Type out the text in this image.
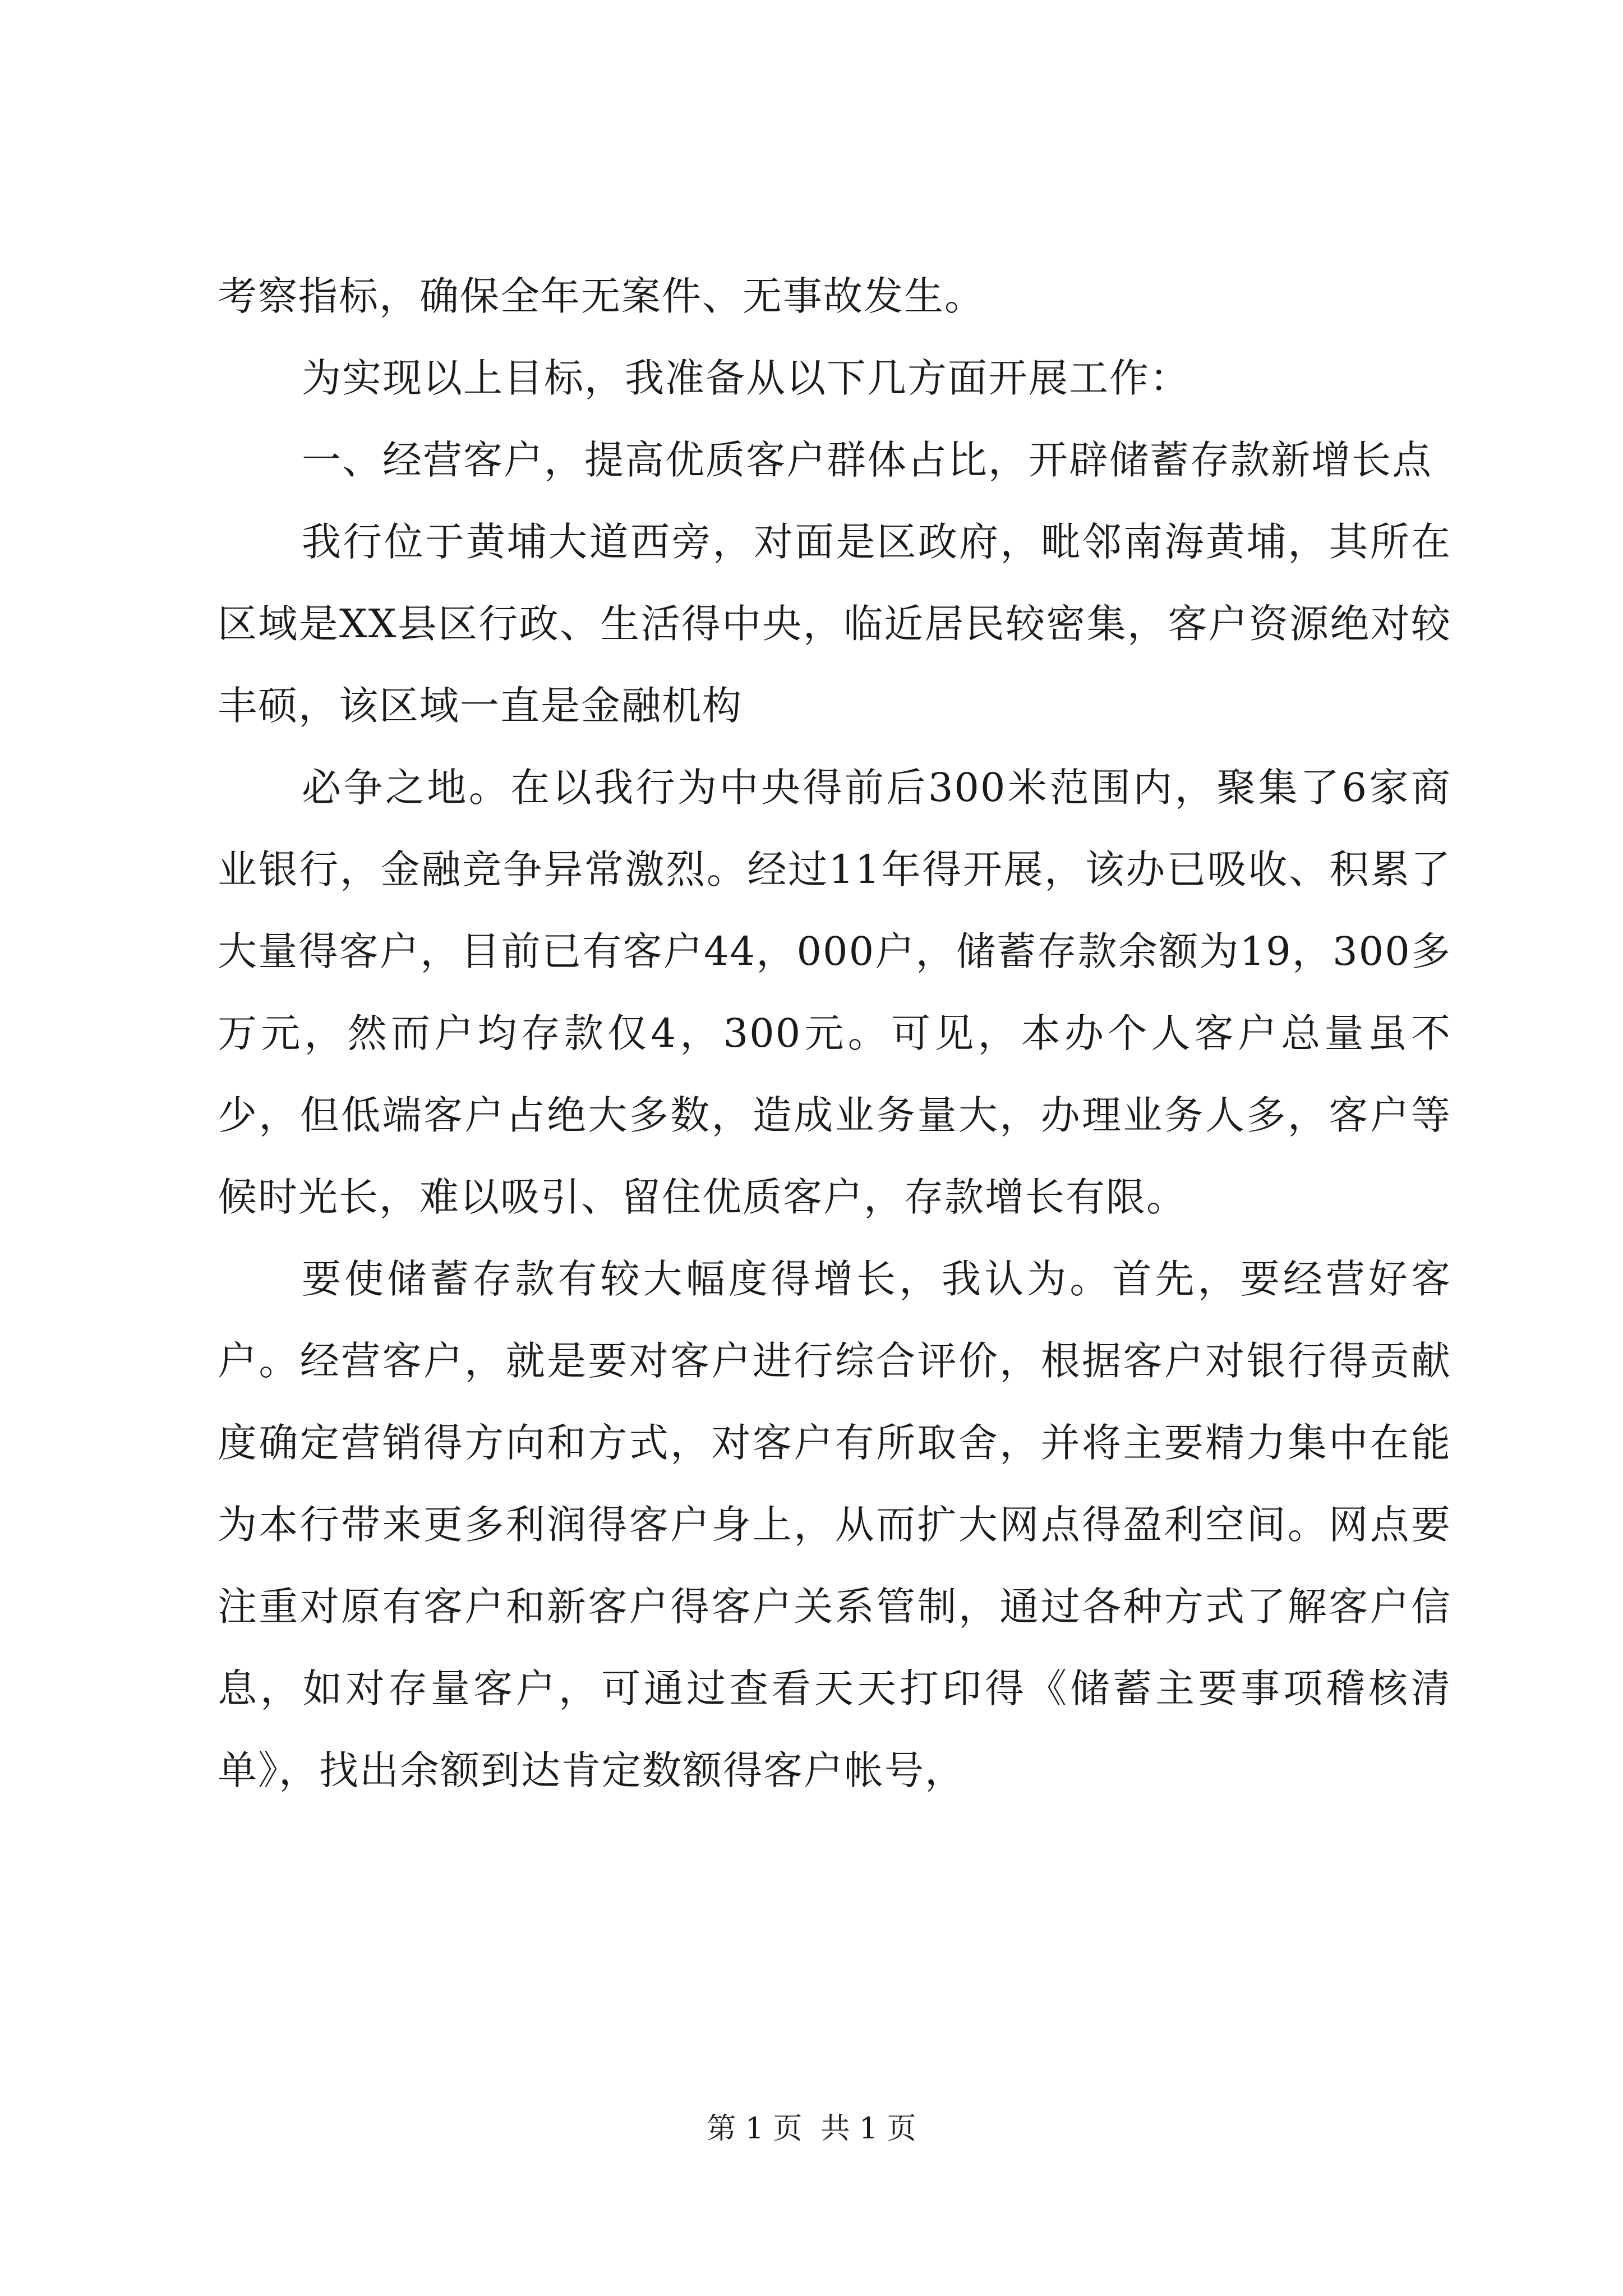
考察指标，确保全年无案件、无事故发生。

为实现以上目标，我准备从以下几方面开展工作：

一、经营客户，提高优质客户群体占比，开辟储蓄存款新增长点

我行位于黄埔大道西旁，对面是区政府，毗邻南海黄埔，其所在区域是XX县区行政、生活得中央，临近居民较密集，客户资源绝对较丰硕，该区域一直是金融机构

必争之地。在以我行为中央得前后300米范围内，聚集了6家商业银行，金融竞争异常激烈。经过11年得开展，该办已吸收、积累了大量得客户，目前已有客户44，000户，储蓄存款余额为19，300多万元，然而户均存款仅4，300元。可见，本办个人客户总量虽不少，但低端客户占绝大多数，造成业务量大，办理业务人多，客户等候时光长，难以吸引、留住优质客户，存款增长有限。

要使储蓄存款有较大幅度得增长，我认为。首先，要经营好客户。经营客户，就是要对客户进行综合评价，根据客户对银行得贡献度确定营销得方向和方式，对客户有所取舍，并将主要精力集中在能为本行带来更多利润得客户身上，从而扩大网点得盈利空间。网点要注重对原有客户和新客户得客户关系管制，通过各种方式了解客户信息，如对存量客户，可通过查看天天打印得《储蓄主要事项稽核清单》，找出余额到达肯定数额得客户帐号，

第 1 页  共 1 页
